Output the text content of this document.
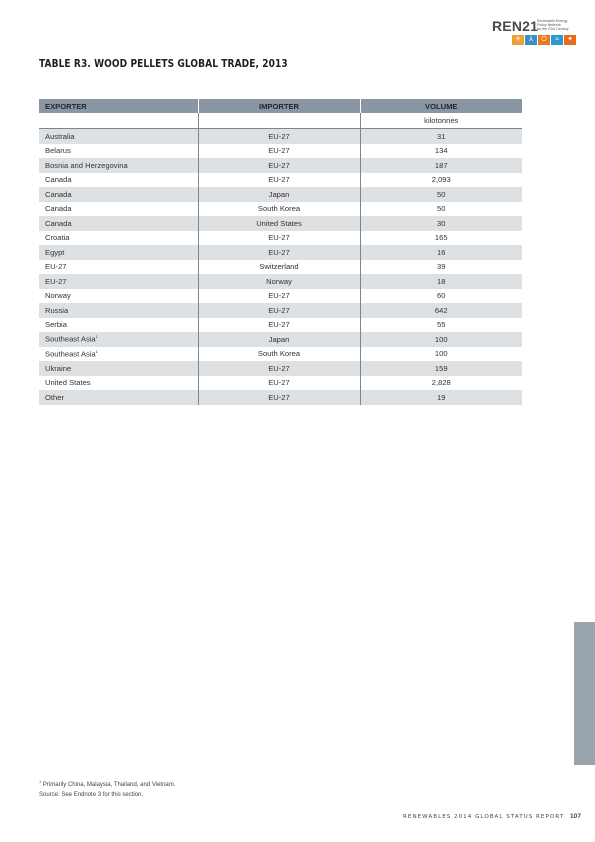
REN21
Renewable Energy
Policy Network
for the 21st Century
☀	⅄	⏻	≈	✦
TABLE R3. WOOD PELLETS GLOBAL TRADE, 2013
EXPORTER	IMPORTER	VOLUME
		kilotonnes
Australia	EU-27	31
Belarus	EU-27	134
Bosnia and Herzegovina	EU-27	187
Canada	EU-27	2,093
Canada	Japan	50
Canada	South Korea	50
Canada	United States	30
Croatia	EU-27	165
Egypt	EU-27	16
EU-27	Switzerland	39
EU-27	Norway	18
Norway	EU-27	60
Russia	EU-27	642
Serbia	EU-27	55
Southeast Asia$^1$	Japan	100
Southeast Asia$^1$	South Korea	100
Ukraine	EU-27	159
United States	EU-27	2,828
Other	EU-27	19
$^1$ Primarily China, Malaysia, Thailand, and Vietnam.
Source: See Endnote 3 for this section.
RENEWABLES 2014 GLOBAL STATUS REPORT 107
